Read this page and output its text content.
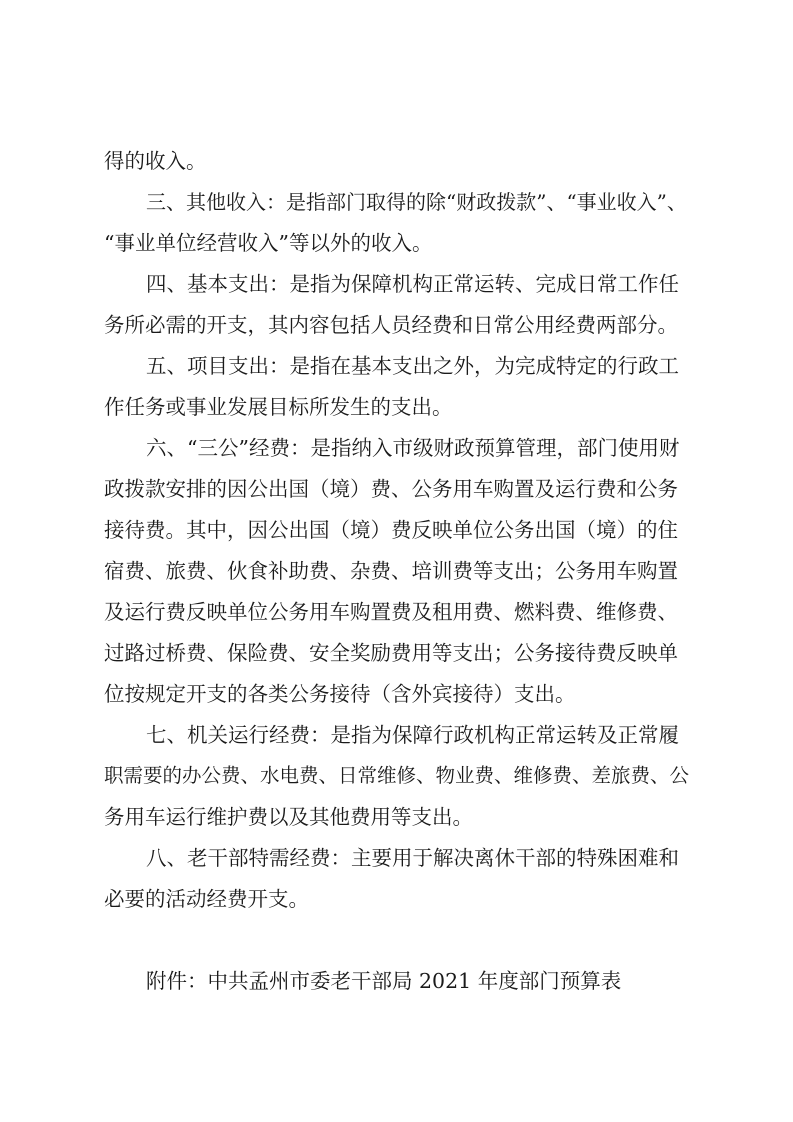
得的收入。
三、其他收入：是指部门取得的除“财政拨款”、“事业收入”、
“事业单位经营收入”等以外的收入。
四、基本支出：是指为保障机构正常运转、完成日常工作任
务所必需的开支，其内容包括人员经费和日常公用经费两部分。
五、项目支出：是指在基本支出之外，为完成特定的行政工
作任务或事业发展目标所发生的支出。
六、“三公”经费：是指纳入市级财政预算管理，部门使用财
政拨款安排的因公出国（境）费、公务用车购置及运行费和公务
接待费。其中，因公出国（境）费反映单位公务出国（境）的住
宿费、旅费、伙食补助费、杂费、培训费等支出；公务用车购置
及运行费反映单位公务用车购置费及租用费、燃料费、维修费、
过路过桥费、保险费、安全奖励费用等支出；公务接待费反映单
位按规定开支的各类公务接待（含外宾接待）支出。
七、机关运行经费：是指为保障行政机构正常运转及正常履
职需要的办公费、水电费、日常维修、物业费、维修费、差旅费、公
务用车运行维护费以及其他费用等支出。
八、老干部特需经费：主要用于解决离休干部的特殊困难和
必要的活动经费开支。
附件：中共孟州市委老干部局 2021 年度部门预算表
